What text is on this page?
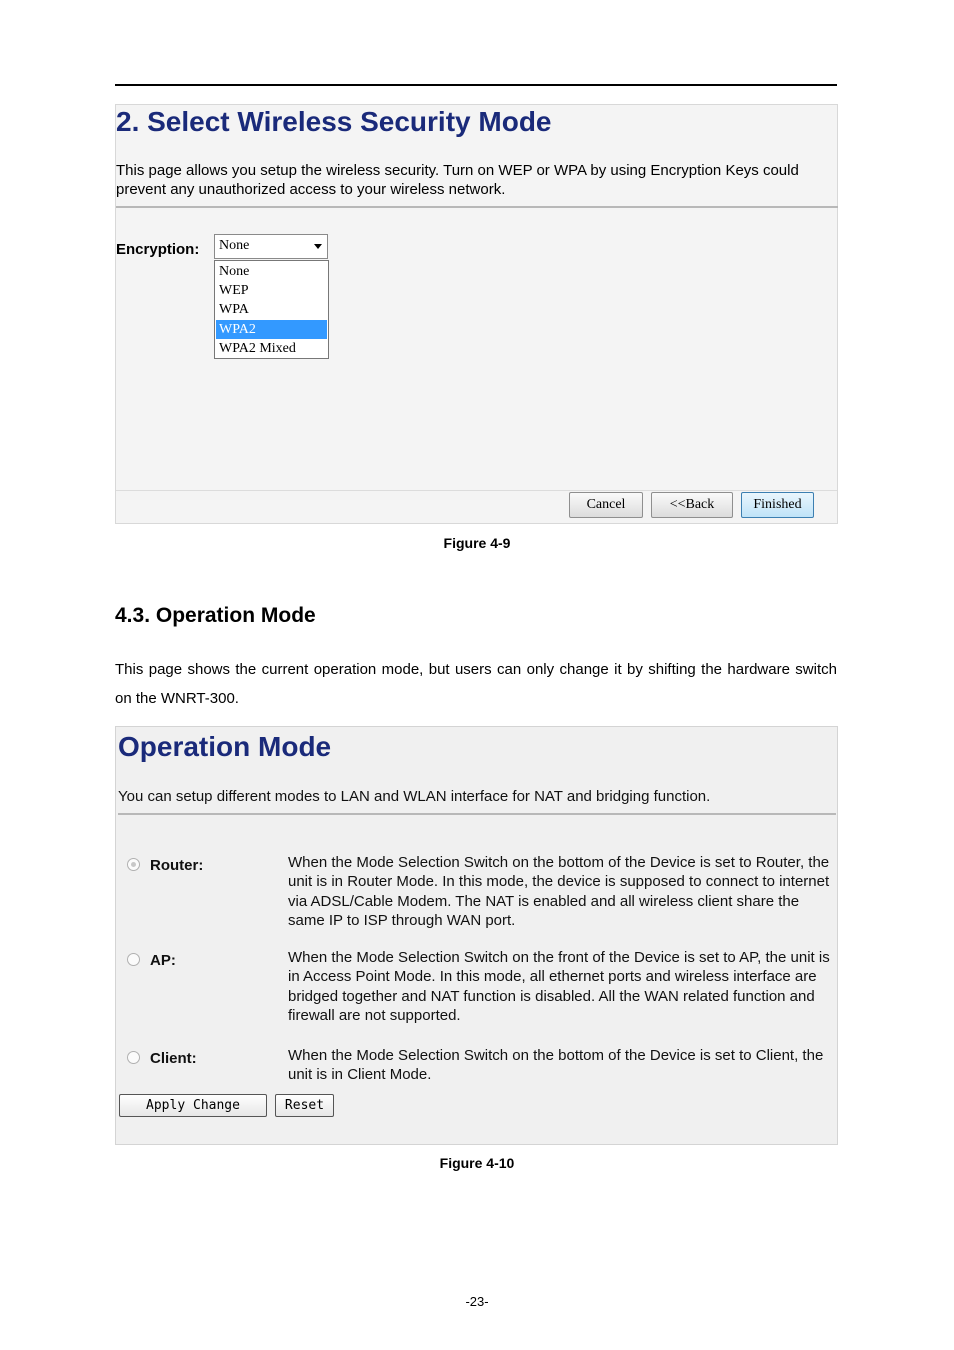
2. Select Wireless Security Mode
This page allows you setup the wireless security. Turn on WEP or WPA by using Encryption Keys could prevent any unauthorized access to your wireless network.
Encryption: None
None
WEP
WPA
WPA2
WPA2 Mixed
Cancel	<<Back	Finished
Figure 4-9
4.3. Operation Mode
This page shows the current operation mode, but users can only change it by shifting the hardware switch on the WNRT-300.
Operation Mode
You can setup different modes to LAN and WLAN interface for NAT and bridging function.
Router:	When the Mode Selection Switch on the bottom of the Device is set to Router, the unit is in Router Mode. In this mode, the device is supposed to connect to internet via ADSL/Cable Modem. The NAT is enabled and all wireless client share the same IP to ISP through WAN port.
AP:	When the Mode Selection Switch on the front of the Device is set to AP, the unit is in Access Point Mode. In this mode, all ethernet ports and wireless interface are bridged together and NAT function is disabled. All the WAN related function and firewall are not supported.
Client:	When the Mode Selection Switch on the bottom of the Device is set to Client, the unit is in Client Mode.
Apply Change	Reset
Figure 4-10
-23-
